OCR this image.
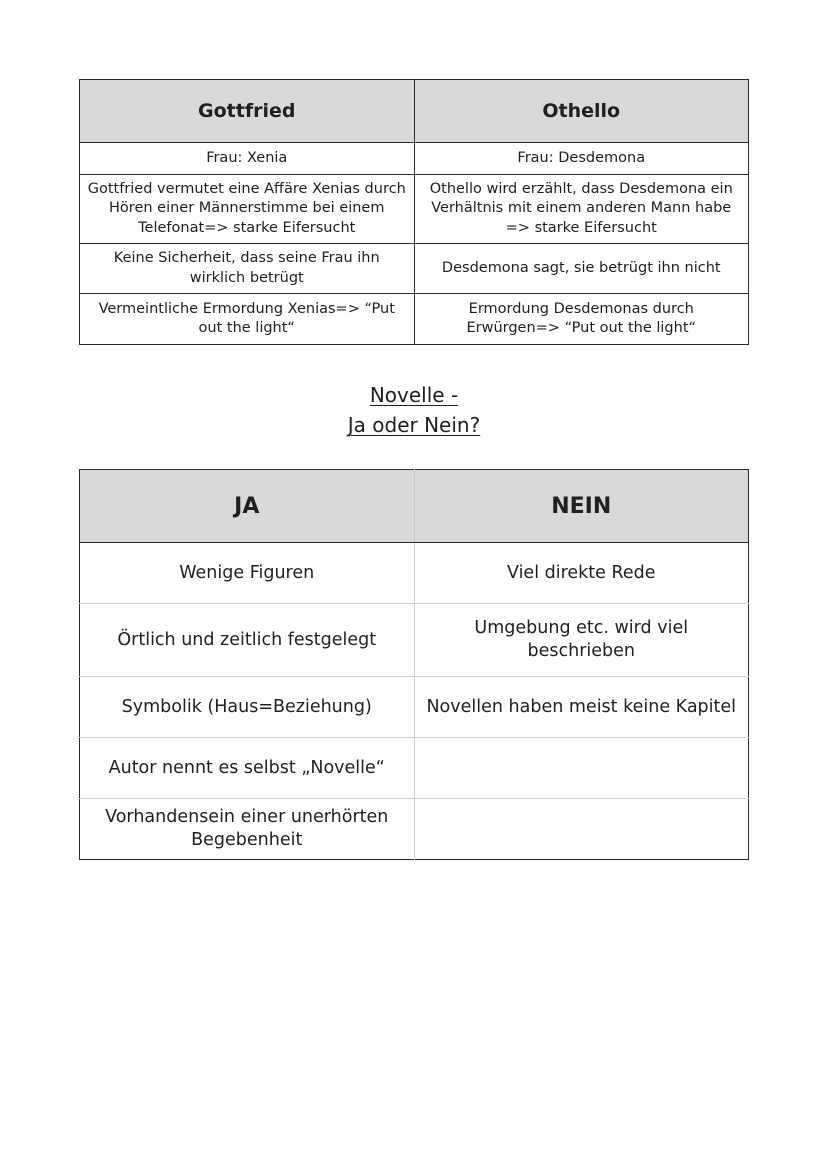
Gottfried	Othello
Frau: Xenia	Frau: Desdemona
Gottfried vermutet eine Affäre Xenias durch Hören einer Männerstimme bei einem Telefonat=> starke Eifersucht	Othello wird erzählt, dass Desdemona ein Verhältnis mit einem anderen Mann habe => starke Eifersucht
Keine Sicherheit, dass seine Frau ihn wirklich betrügt	Desdemona sagt, sie betrügt ihn nicht
Vermeintliche Ermordung Xenias=> “Put out the light“	Ermordung Desdemonas durch Erwürgen=> “Put out the light“
Novelle -
Ja oder Nein?
JA	NEIN
Wenige Figuren	Viel direkte Rede
Örtlich und zeitlich festgelegt	Umgebung etc. wird viel beschrieben
Symbolik (Haus=Beziehung)	Novellen haben meist keine Kapitel
Autor nennt es selbst „Novelle“	
Vorhandensein einer unerhörten Begebenheit	
